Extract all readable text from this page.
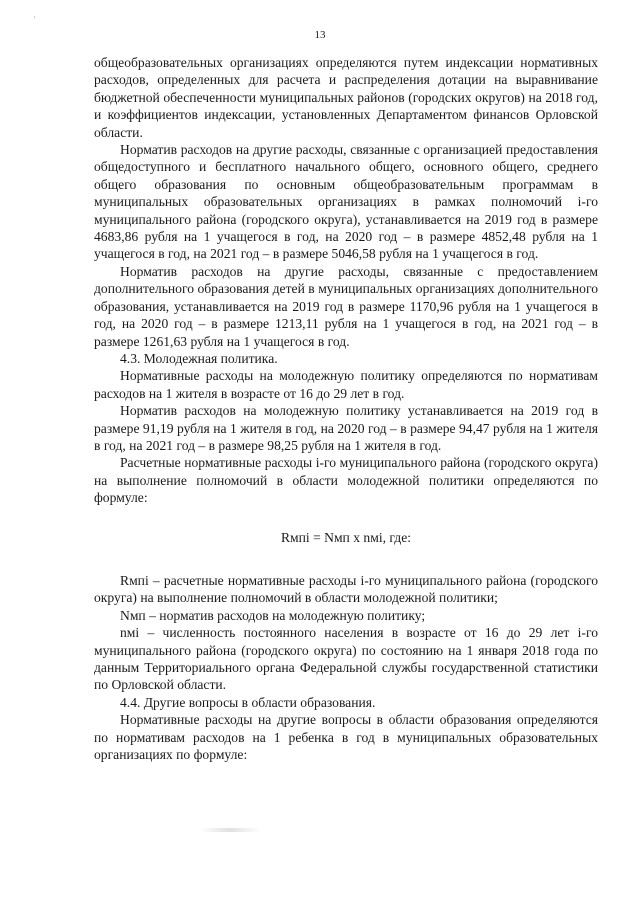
'
13

общеобразовательных организациях определяются путем индексации нормативных расходов, определенных для расчета и распределения дотации на выравнивание бюджетной обеспеченности муниципальных районов (городских округов) на 2018 год, и коэффициентов индексации, установленных Департаментом финансов Орловской области.

Норматив расходов на другие расходы, связанные с организацией предоставления общедоступного и бесплатного начального общего, основного общего, среднего общего образования по основным общеобразовательным программам в муниципальных образовательных организациях в рамках полномочий i-го муниципального района (городского округа), устанавливается на 2019 год в размере 4683,86 рубля на 1 учащегося в год, на 2020 год – в размере 4852,48 рубля на 1 учащегося в год, на 2021 год – в размере 5046,58 рубля на 1 учащегося в год.

Норматив расходов на другие расходы, связанные с предоставлением дополнительного образования детей в муниципальных организациях дополнительного образования, устанавливается на 2019 год в размере 1170,96 рубля на 1 учащегося в год, на 2020 год – в размере 1213,11 рубля на 1 учащегося в год, на 2021 год – в размере 1261,63 рубля на 1 учащегося в год.

4.3. Молодежная политика.

Нормативные расходы на молодежную политику определяются по нормативам расходов на 1 жителя в возрасте от 16 до 29 лет в год.

Норматив расходов на молодежную политику устанавливается на 2019 год в размере 91,19 рубля на 1 жителя в год, на 2020 год – в размере 94,47 рубля на 1 жителя в год, на 2021 год – в размере 98,25 рубля на 1 жителя в год.

Расчетные нормативные расходы i-го муниципального района (городского округа) на выполнение полномочий в области молодежной политики определяются по формуле:

Rмпi = Nмп x nмi, где:

Rмпi – расчетные нормативные расходы i-го муниципального района (городского округа) на выполнение полномочий в области молодежной политики;

Nмп – норматив расходов на молодежную политику;

nмi – численность постоянного населения в возрасте от 16 до 29 лет i-го муниципального района (городского округа) по состоянию на 1 января 2018 года по данным Территориального органа Федеральной службы государственной статистики по Орловской области.

4.4. Другие вопросы в области образования.

Нормативные расходы на другие вопросы в области образования определяются по нормативам расходов на 1 ребенка в год в муниципальных образовательных организациях по формуле:
